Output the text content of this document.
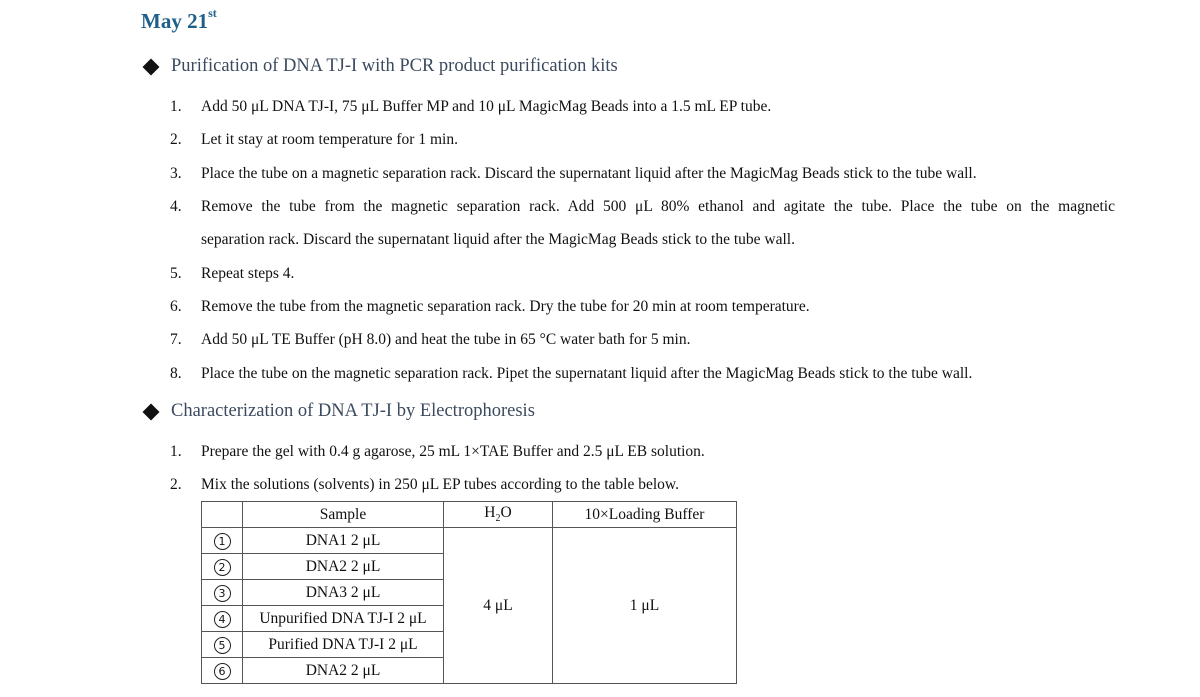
May 21st
Purification of DNA TJ-I with PCR product purification kits
1.	Add 50 μL DNA TJ-I, 75 μL Buffer MP and 10 μL MagicMag Beads into a 1.5 mL EP tube.
2.	Let it stay at room temperature for 1 min.
3.	Place the tube on a magnetic separation rack. Discard the supernatant liquid after the MagicMag Beads stick to the tube wall.
4.	Remove the tube from the magnetic separation rack. Add 500 μL 80% ethanol and agitate the tube. Place the tube on the magnetic
separation rack. Discard the supernatant liquid after the MagicMag Beads stick to the tube wall.
5.	Repeat steps 4.
6.	Remove the tube from the magnetic separation rack. Dry the tube for 20 min at room temperature.
7.	Add 50 μL TE Buffer (pH 8.0) and heat the tube in 65 °C water bath for 5 min.
8.	Place the tube on the magnetic separation rack. Pipet the supernatant liquid after the MagicMag Beads stick to the tube wall.
Characterization of DNA TJ-I by Electrophoresis
1.	Prepare the gel with 0.4 g agarose, 25 mL 1×TAE Buffer and 2.5 μL EB solution.
2.	Mix the solutions (solvents) in 250 μL EP tubes according to the table below.
	Sample	$H_2O$	10×Loading Buffer
1	DNA1 2 μL	4 μL	1 μL
2	DNA2 2 μL		
3	DNA3 2 μL		
4	Unpurified DNA TJ-I 2 μL		
5	Purified DNA TJ-I 2 μL		
6	DNA2 2 μL		
